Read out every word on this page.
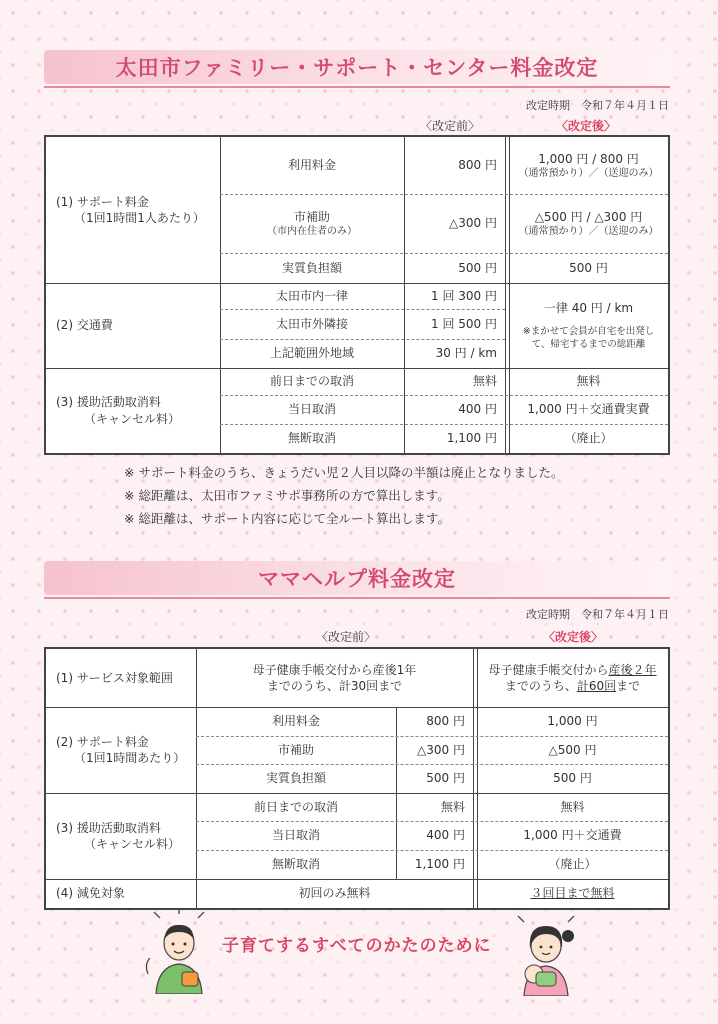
太田市ファミリー・サポート・センター料金改定
改定時期　令和７年４月１日
〈改定前〉	〈改定後〉
(1) サポート料金
（1回1時間1人あたり）
利用料金	800 円	1,000 円 / 800 円
（通常預かり）／（送迎のみ）
市補助
（市内在住者のみ）
△300 円	△500 円 / △300 円
（通常預かり）／（送迎のみ）
実質負担額	500 円	500 円
(2) 交通費
太田市内一律	1 回 300 円
太田市外隣接	1 回 500 円
上記範囲外地域	30 円 / km
一律 40 円 / km
※まかせて会員が自宅を出発して、帰宅するまでの総距離
(3) 援助活動取消料
（キャンセル料）
前日までの取消	無料	無料
当日取消	400 円	1,000 円＋交通費実費
無断取消	1,100 円	（廃止）
※ サポート料金のうち、きょうだい児２人目以降の半額は廃止となりました。
※ 総距離は、太田市ファミサポ事務所の方で算出します。
※ 総距離は、サポート内容に応じて全ルート算出します。
ママヘルプ料金改定
改定時期　令和７年４月１日
〈改定前〉	〈改定後〉
(1) サービス対象範囲
母子健康手帳交付から産後1年
までのうち、計30回まで
母子健康手帳交付から産後２年
までのうち、計60回まで
(2) サポート料金
（1回1時間あたり）
利用料金	800 円	1,000 円
市補助	△300 円	△500 円
実質負担額	500 円	500 円
(3) 援助活動取消料
（キャンセル料）
前日までの取消	無料	無料
当日取消	400 円	1,000 円＋交通費
無断取消	1,100 円	（廃止）
(4) 減免対象	初回のみ無料	３回目まで無料
子育てするすべてのかたのために
